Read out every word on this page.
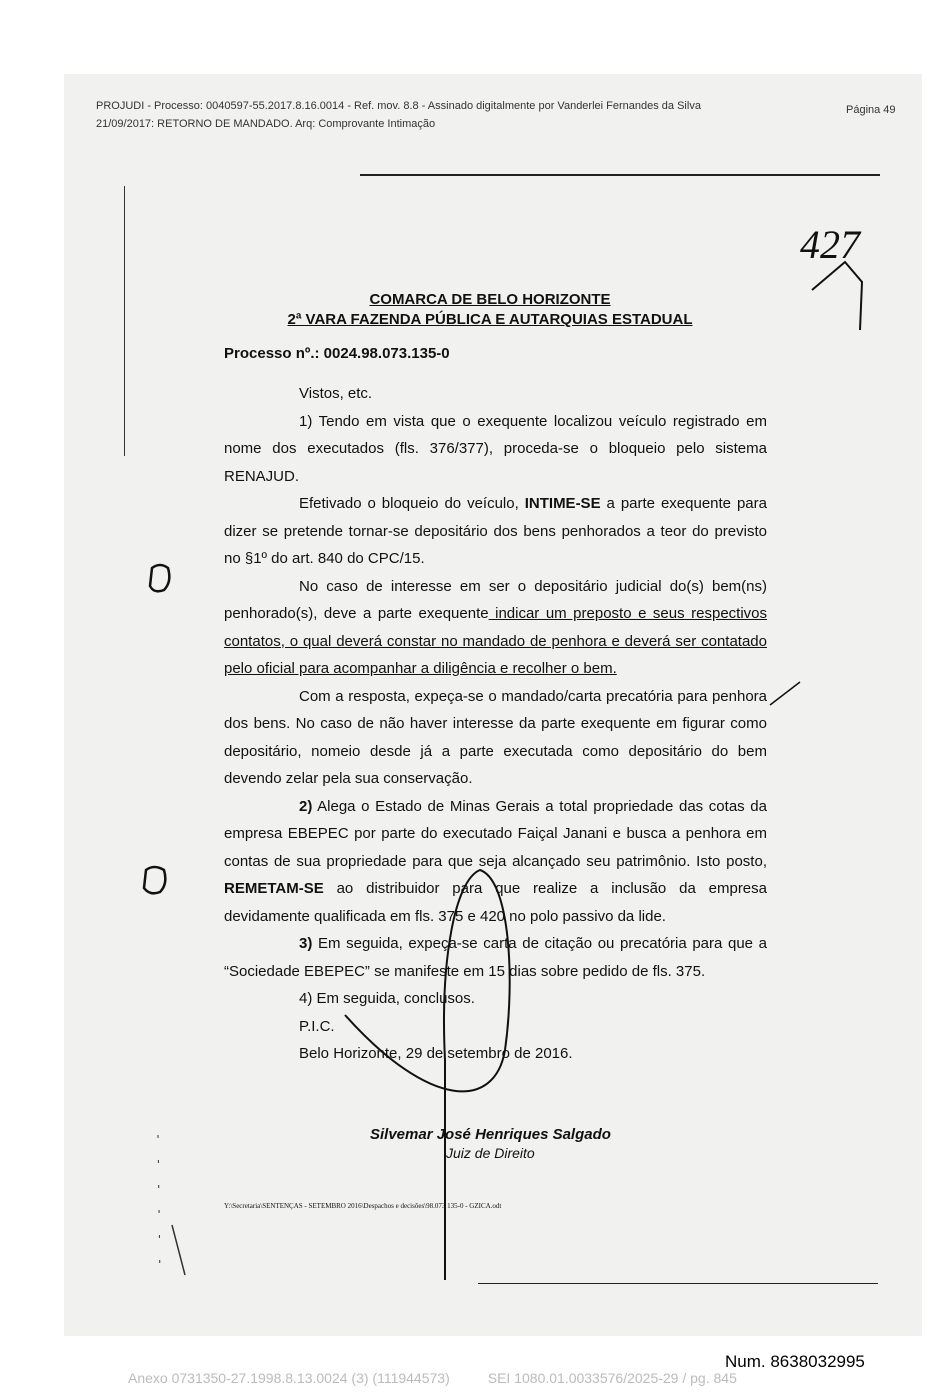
PROJUDI - Processo: 0040597-55.2017.8.16.0014 - Ref. mov. 8.8 - Assinado digitalmente por Vanderlei Fernandes da Silva
21/09/2017: RETORNO DE MANDADO. Arq: Comprovante Intimação
Página 49
COMARCA DE BELO HORIZONTE
2ª VARA FAZENDA PÚBLICA E AUTARQUIAS ESTADUAL
Processo nº.: 0024.98.073.135-0

Vistos, etc.

1) Tendo em vista que o exequente localizou veículo registrado em nome dos executados (fls. 376/377), proceda-se o bloqueio pelo sistema RENAJUD.

Efetivado o bloqueio do veículo, INTIME-SE a parte exequente para dizer se pretende tornar-se depositário dos bens penhorados a teor do previsto no §1º do art. 840 do CPC/15.

No caso de interesse em ser o depositário judicial do(s) bem(ns) penhorado(s), deve a parte exequente indicar um preposto e seus respectivos contatos, o qual deverá constar no mandado de penhora e deverá ser contatado pelo oficial para acompanhar a diligência e recolher o bem.

Com a resposta, expeça-se o mandado/carta precatória para penhora dos bens. No caso de não haver interesse da parte exequente em figurar como depositário, nomeio desde já a parte executada como depositário do bem devendo zelar pela sua conservação.

2) Alega o Estado de Minas Gerais a total propriedade das cotas da empresa EBEPEC por parte do executado Faiçal Janani e busca a penhora em contas de sua propriedade para que seja alcançado seu patrimônio. Isto posto, REMETAM-SE ao distribuidor para que realize a inclusão da empresa devidamente qualificada em fls. 375 e 420 no polo passivo da lide.

3) Em seguida, expeça-se carta de citação ou precatória para que a “Sociedade EBEPEC” se manifeste em 15 dias sobre pedido de fls. 375.

4) Em seguida, conclusos.

P.I.C.

Belo Horizonte, 29 de setembro de 2016.

Silvemar José Henriques Salgado
Juiz de Direito
Y:\Secretaria\SENTENÇAS - SETEMBRO 2016\Despachos e decisões\98.073 135-0 - GZICA.odt
427
Num. 8638032995
Anexo 0731350-27.1998.8.13.0024 (3) (111944573)	SEI 1080.01.0033576/2025-29 / pg. 845
